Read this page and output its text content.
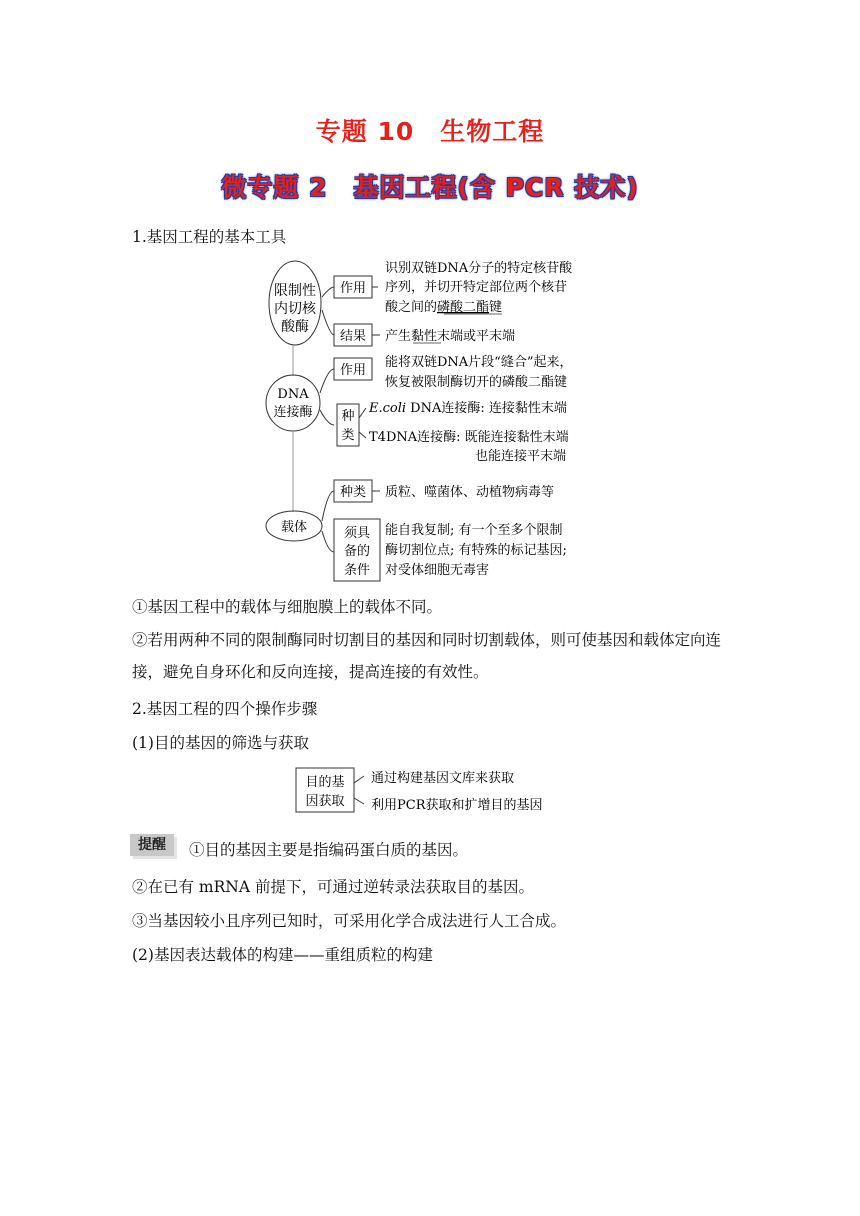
专题 10　生物工程
微专题 2　基因工程(含 PCR 技术)
1.基因工程的基本工具
限制性
内切核
酸酶
作用
识别双链DNA分子的特定核苷酸
序列，并切开特定部位两个核苷
酸之间的磷酸二酯键
结果 产生黏性末端或平末端
DNA
连接酶
作用
能将双链DNA片段“缝合”起来，
恢复被限制酶切开的磷酸二酯键
种
类
E.coli DNA连接酶: 连接黏性末端
T4DNA连接酶: 既能连接黏性末端
也能连接平末端
载体
种类 质粒、噬菌体、动植物病毒等
须具
备的
条件
能自我复制; 有一个至多个限制
酶切割位点; 有特殊的标记基因;
对受体细胞无毒害
①基因工程中的载体与细胞膜上的载体不同。
②若用两种不同的限制酶同时切割目的基因和同时切割载体，则可使基因和载体定向连接，避免自身环化和反向连接，提高连接的有效性。
2.基因工程的四个操作步骤
(1)目的基因的筛选与获取
目的基
因获取
通过构建基因文库来获取
利用PCR获取和扩增目的基因
提醒	①目的基因主要是指编码蛋白质的基因。
②在已有 mRNA 前提下，可通过逆转录法获取目的基因。
③当基因较小且序列已知时，可采用化学合成法进行人工合成。
(2)基因表达载体的构建——重组质粒的构建
